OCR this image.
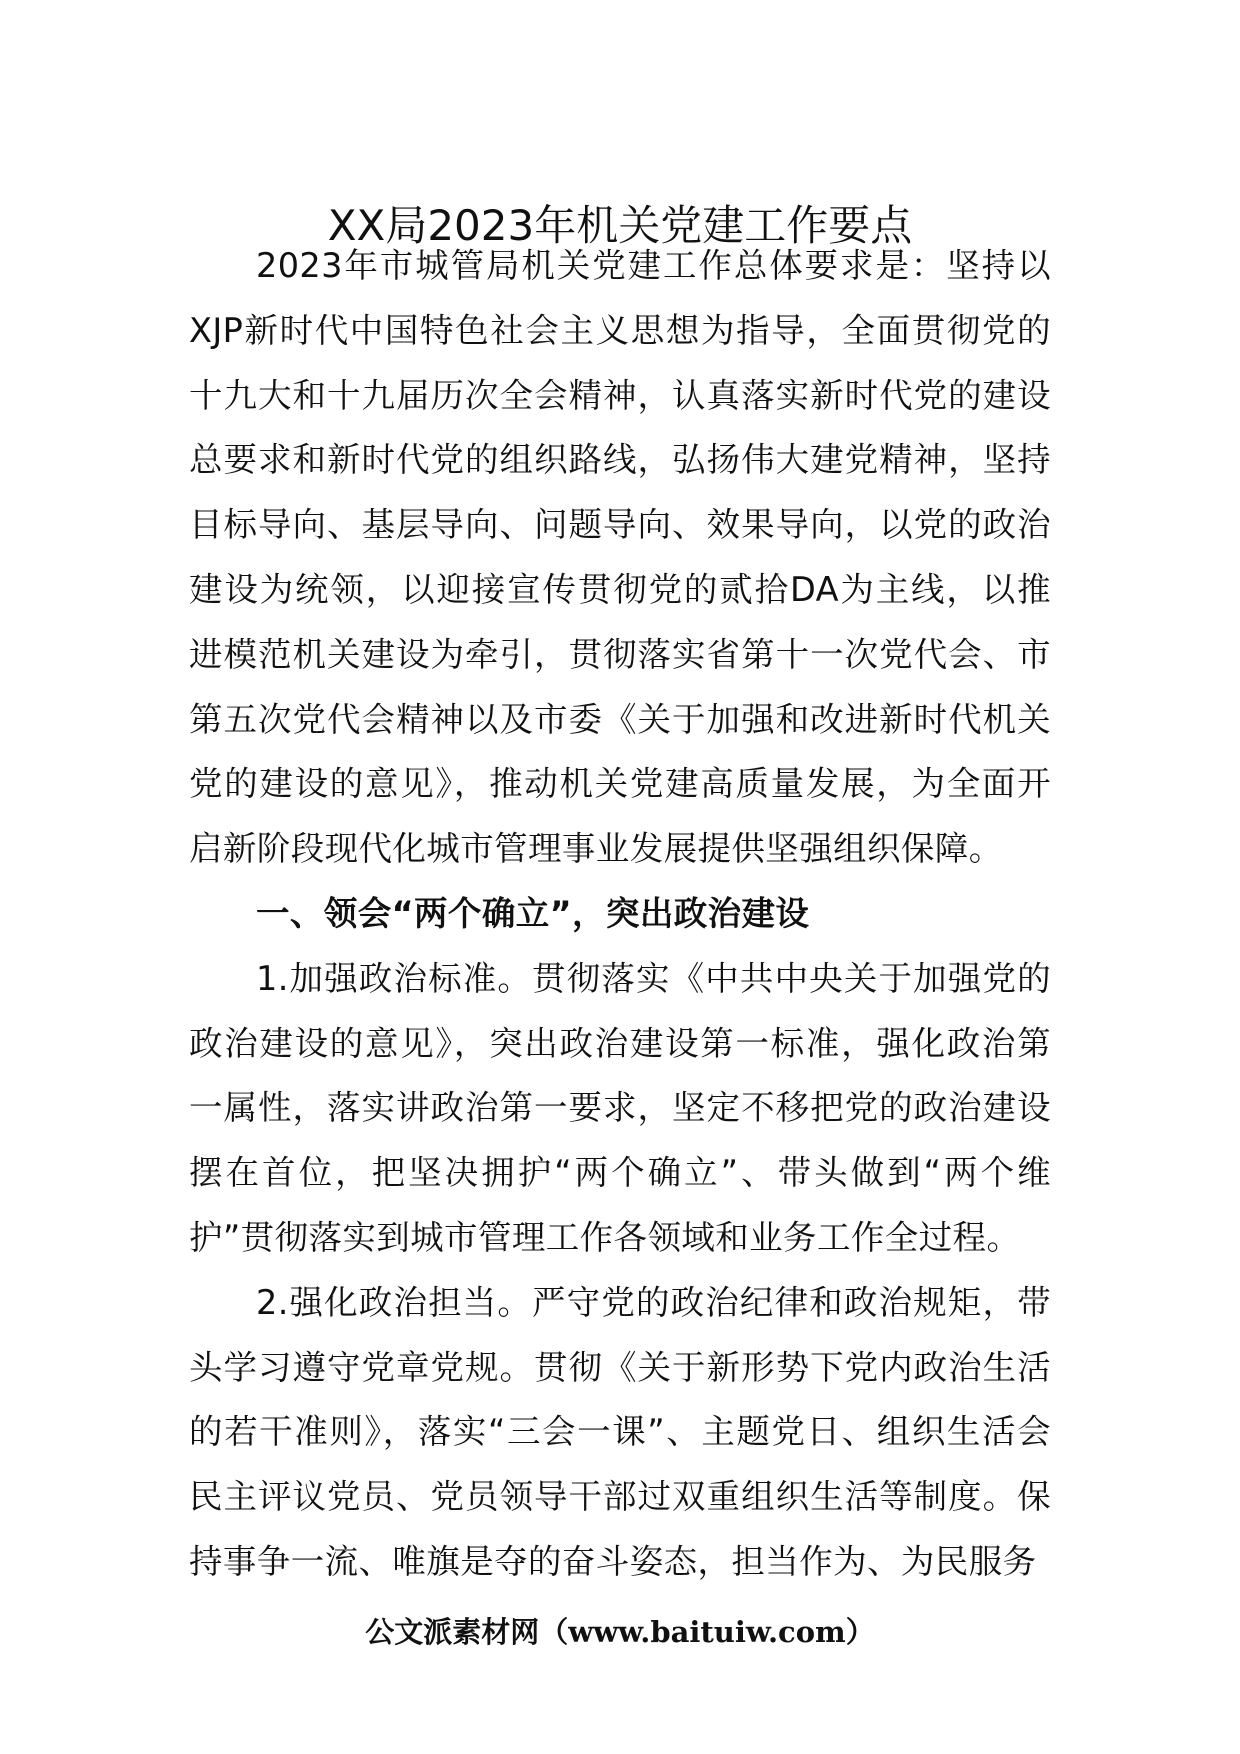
XX局2023年机关党建工作要点

2023年市城管局机关党建工作总体要求是：坚持以XJP新时代中国特色社会主义思想为指导，全面贯彻党的十九大和十九届历次全会精神，认真落实新时代党的建设总要求和新时代党的组织路线，弘扬伟大建党精神，坚持目标导向、基层导向、问题导向、效果导向，以党的政治建设为统领，以迎接宣传贯彻党的贰拾DA为主线，以推进模范机关建设为牵引，贯彻落实省第十一次党代会、市第五次党代会精神以及市委《关于加强和改进新时代机关党的建设的意见》，推动机关党建高质量发展，为全面开启新阶段现代化城市管理事业发展提供坚强组织保障。

一、领会“两个确立”，突出政治建设

1.加强政治标准。贯彻落实《中共中央关于加强党的政治建设的意见》，突出政治建设第一标准，强化政治第一属性，落实讲政治第一要求，坚定不移把党的政治建设摆在首位，把坚决拥护“两个确立”、带头做到“两个维护”贯彻落实到城市管理工作各领域和业务工作全过程。

2.强化政治担当。严守党的政治纪律和政治规矩，带头学习遵守党章党规。贯彻《关于新形势下党内政治生活的若干准则》，落实“三会一课”、主题党日、组织生活会民主评议党员、党员领导干部过双重组织生活等制度。保持事争一流、唯旗是夺的奋斗姿态，担当作为、为民服务

公文派素材网（www.baituiw.com）
